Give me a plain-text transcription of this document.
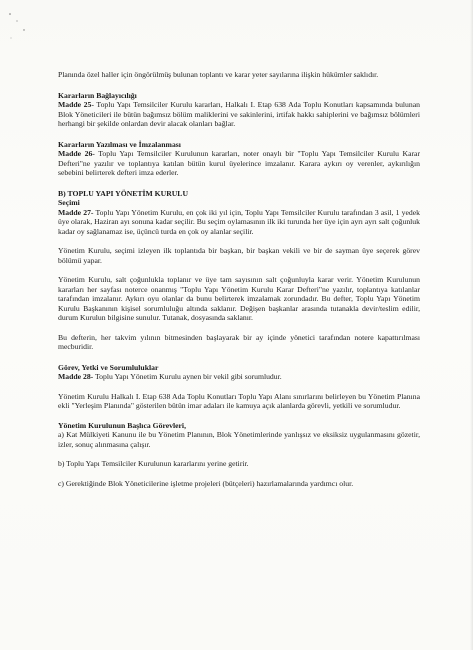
Planında özel haller için öngörülmüş bulunan toplantı ve karar yeter sayılarına ilişkin hükümler saklıdır.

Kararların Bağlayıcılığı

Madde 25- Toplu Yapı Temsilciler Kurulu kararları, Halkalı I. Etap 638 Ada Toplu Konutları kapsamında bulunan Blok Yöneticileri ile bütün bağımsız bölüm maliklerini ve sakinlerini, irtifak hakkı sahiplerini ve bağımsız bölümleri herhangi bir şekilde onlardan devir alacak olanları bağlar.

Kararların Yazılması ve İmzalanması

Madde 26- Toplu Yapı Temsilciler Kurulunun kararları, noter onaylı bir "Toplu Yapı Temsilciler Kurulu Karar Defteri"ne yazılır ve toplantıya katılan bütün kurul üyelerince imzalanır. Karara aykırı oy verenler, aykırılığın sebebini belirterek defteri imza ederler.

B) TOPLU YAPI YÖNETİM KURULU
Seçimi

Madde 27- Toplu Yapı Yönetim Kurulu, en çok iki yıl için, Toplu Yapı Temsilciler Kurulu tarafından 3 asil, 1 yedek üye olarak, Haziran ayı sonuna kadar seçilir. Bu seçim oylamasının ilk iki turunda her üye için ayrı ayrı salt çoğunluk kadar oy sağlanamaz ise, üçüncü turda en çok oy alanlar seçilir.

Yönetim Kurulu, seçimi izleyen ilk toplantıda bir başkan, bir başkan vekili ve bir de sayman üye seçerek görev bölümü yapar.

Yönetim Kurulu, salt çoğunlukla toplanır ve üye tam sayısının salt çoğunluyla karar verir. Yönetim Kurulunun kararları her sayfası noterce onanmış "Toplu Yapı Yönetim Kurulu Karar Defteri"ne yazılır, toplantıya katılanlar tarafından imzalanır. Aykırı oyu olanlar da bunu belirterek imzalamak zorundadır. Bu defter, Toplu Yapı Yönetim Kurulu Başkanının kişisel sorumluluğu altında saklanır. Değişen başkanlar arasında tutanakla devir/teslim edilir, durum Kurulun bilgisine sunulur. Tutanak, dosyasında saklanır.

Bu defterin, her takvim yılının bitmesinden başlayarak bir ay içinde yönetici tarafından notere kapattırılması mecburidir.

Görev, Yetki ve Sorumluluklar

Madde 28- Toplu Yapı Yönetim Kurulu aynen bir vekil gibi sorumludur.

Yönetim Kurulu Halkalı I. Etap 638 Ada Toplu Konutları Toplu Yapı Alanı sınırlarını belirleyen bu Yönetim Planına ekli "Yerleşim Planında" gösterilen bütün imar adaları ile kamuya açık alanlarda görevli, yetkili ve sorumludur.

Yönetim Kurulunun Başlıca Görevleri,

a) Kat Mülkiyeti Kanunu ile bu Yönetim Planının, Blok Yönetimlerinde yanlışsız ve eksiksiz uygulanmasını gözetir, izler, sonuç alınmasına çalışır.

b) Toplu Yapı Temsilciler Kurulunun kararlarını yerine getirir.

c) Gerektiğinde Blok Yöneticilerine işletme projeleri (bütçeleri) hazırlamalarında yardımcı olur.
